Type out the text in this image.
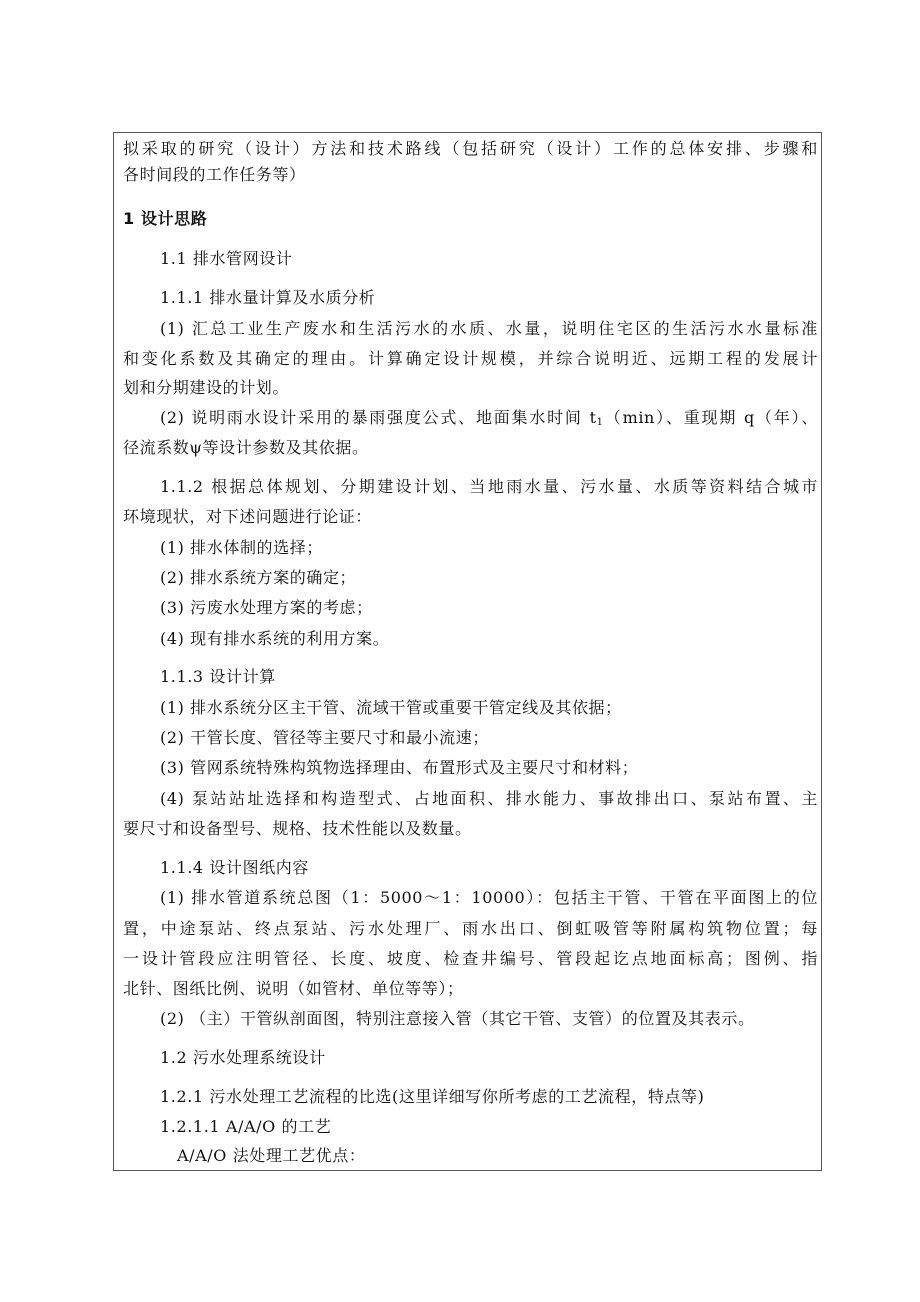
拟采取的研究（设计）方法和技术路线（包括研究（设计）工作的总体安排、步骤和
各时间段的工作任务等）
1 设计思路
1.1 排水管网设计
1.1.1 排水量计算及水质分析
(1) 汇总工业生产废水和生活污水的水质、水量，说明住宅区的生活污水水量标准
和变化系数及其确定的理由。计算确定设计规模，并综合说明近、远期工程的发展计
划和分期建设的计划。
(2) 说明雨水设计采用的暴雨强度公式、地面集水时间 $t_1(\min)$、重现期 q（年）、
径流系数ψ等设计参数及其依据。
1.1.2 根据总体规划、分期建设计划、当地雨水量、污水量、水质等资料结合城市
环境现状，对下述问题进行论证：
(1) 排水体制的选择；
(2) 排水系统方案的确定；
(3) 污废水处理方案的考虑；
(4) 现有排水系统的利用方案。
1.1.3 设计计算
(1) 排水系统分区主干管、流域干管或重要干管定线及其依据；
(2) 干管长度、管径等主要尺寸和最小流速；
(3) 管网系统特殊构筑物选择理由、布置形式及主要尺寸和材料；
(4) 泵站站址选择和构造型式、占地面积、排水能力、事故排出口、泵站布置、主
要尺寸和设备型号、规格、技术性能以及数量。
1.1.4 设计图纸内容
(1) 排水管道系统总图（1：5000～1：10000）：包括主干管、干管在平面图上的位
置，中途泵站、终点泵站、污水处理厂、雨水出口、倒虹吸管等附属构筑物位置；每
一设计管段应注明管径、长度、坡度、检查井编号、管段起讫点地面标高；图例、指
北针、图纸比例、说明（如管材、单位等等）；
(2) （主）干管纵剖面图，特别注意接入管（其它干管、支管）的位置及其表示。
1.2 污水处理系统设计
1.2.1 污水处理工艺流程的比选(这里详细写你所考虑的工艺流程，特点等)
1.2.1.1 A/A/O 的工艺
A/A/O 法处理工艺优点：
